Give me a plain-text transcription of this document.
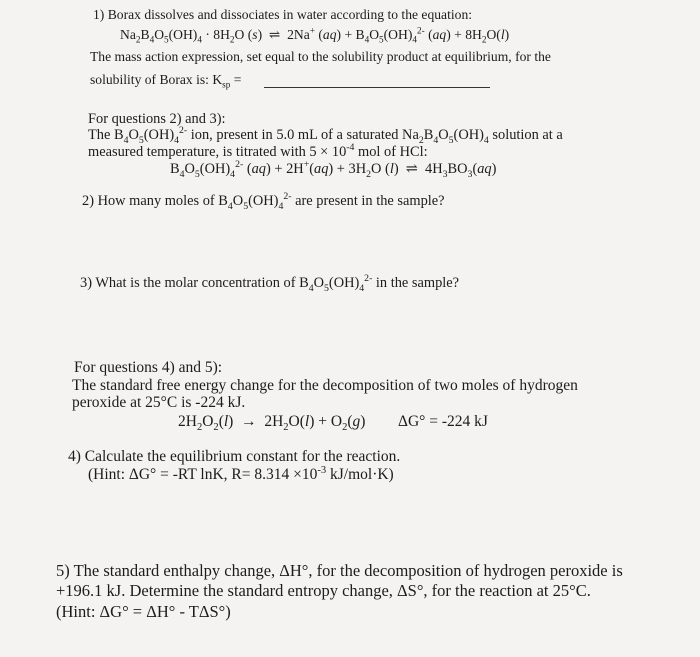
1) Borax dissolves and dissociates in water according to the equation:
$Na_2B_4O_5(OH)_4 \cdot 8H_2O$ (s)  ⇌  2Na+ $(aq) + B_4O_5(OH)_4^{2-}$ $(aq) + 8H_2O(l)$
The mass action expression, set equal to the solubility product at equilibrium, for the
solubility of Borax is: $K_{sp}$ =
For questions 2) and 3):
The $B_4O_5(OH)_4^{2-}$ ion, present in 5.0 mL of a saturated $Na_2B_4O_5(OH)_4$ solution at a
measured temperature, is titrated with $5 \times 10^{-4}$ mol of HCl:
$B_4O_5(OH)_4^{2-}$ $(aq) + 2H^+(aq) + 3H_2O$ (l)  ⇌  $4H_3BO_3(aq)$
2) How many moles of $B_4O_5(OH)_4^{2-}$ are present in the sample?
3) What is the molar concentration of $B_4O_5(OH)_4^{2-}$ in the sample?
For questions 4) and 5):
The standard free energy change for the decomposition of two moles of hydrogen
peroxide at 25°C is -224 kJ.
$2H_2O_2(l) \to 2H_2O(l) + O_2(g) \Delta G^\circ = -224$ kJ
4) Calculate the equilibrium constant for the reaction.
(Hint: ΔG° = -RT lnK, $R= 8.314 \times 10^{-3}$ kJ/mol·K)
5) The standard enthalpy change, ΔH°, for the decomposition of hydrogen peroxide is
+196.1 kJ. Determine the standard entropy change, ΔS°, for the reaction at 25°C.
(Hint: ΔG° = ΔH° - TΔS°)
